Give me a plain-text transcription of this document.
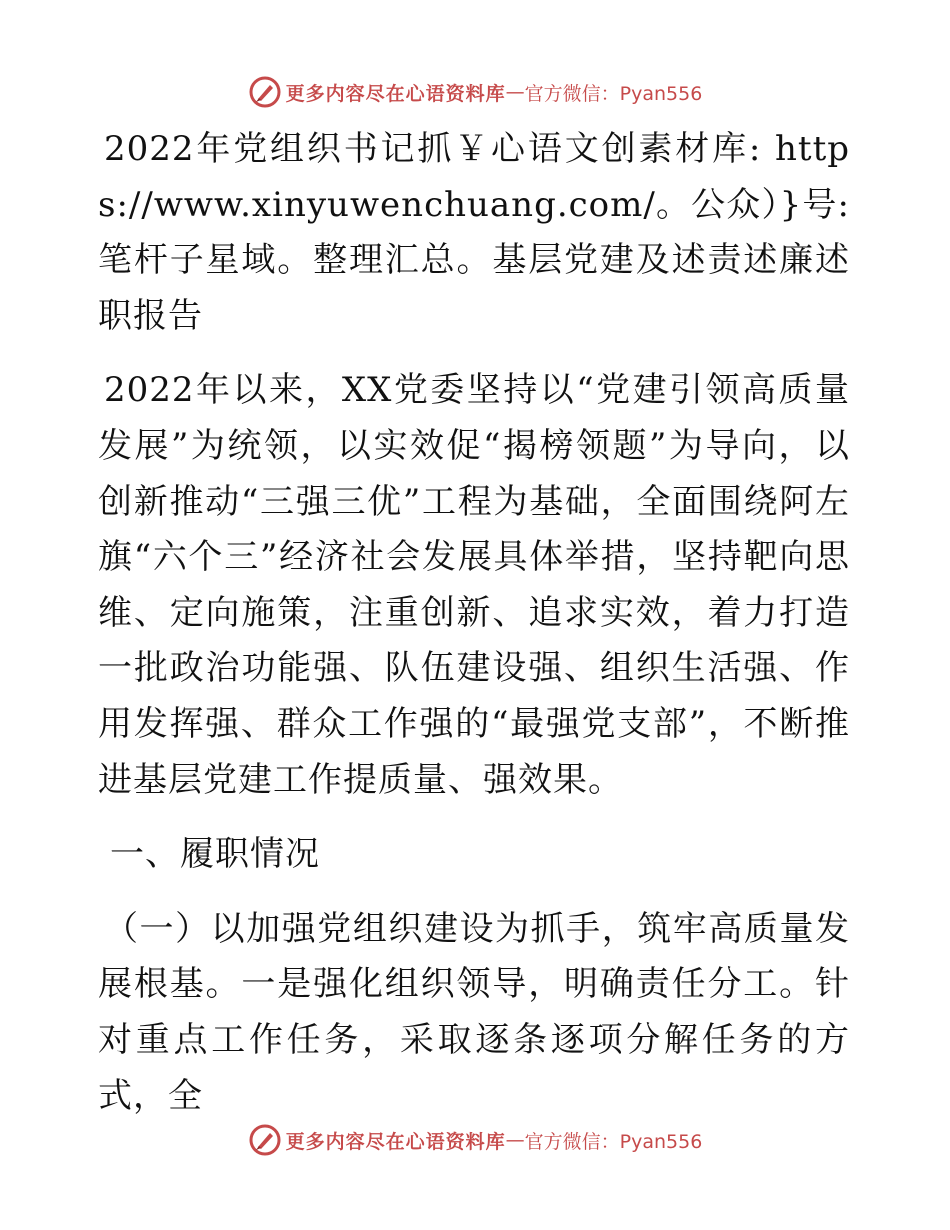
更多内容尽在心语资料库 — 官方微信：Pyan556

2022年党组织书记抓￥心语文创素材库: https://www.xinyuwenchuang.com/。公众）}号: 笔杆子星域。整理汇总。基层党建及述责述廉述职报告

2022年以来，XX党委坚持以“党建引领高质量发展”为统领，以实效促“揭榜领题”为导向，以创新推动“三强三优”工程为基础，全面围绕阿左旗“六个三”经济社会发展具体举措，坚持靶向思维、定向施策，注重创新、追求实效，着力打造一批政治功能强、队伍建设强、组织生活强、作用发挥强、群众工作强的“最强党支部”，不断推进基层党建工作提质量、强效果。

一、履职情况

（一）以加强党组织建设为抓手，筑牢高质量发展根基。一是强化组织领导，明确责任分工。针对重点工作任务，采取逐条逐项分解任务的方式，全

更多内容尽在心语资料库 — 官方微信：Pyan556
